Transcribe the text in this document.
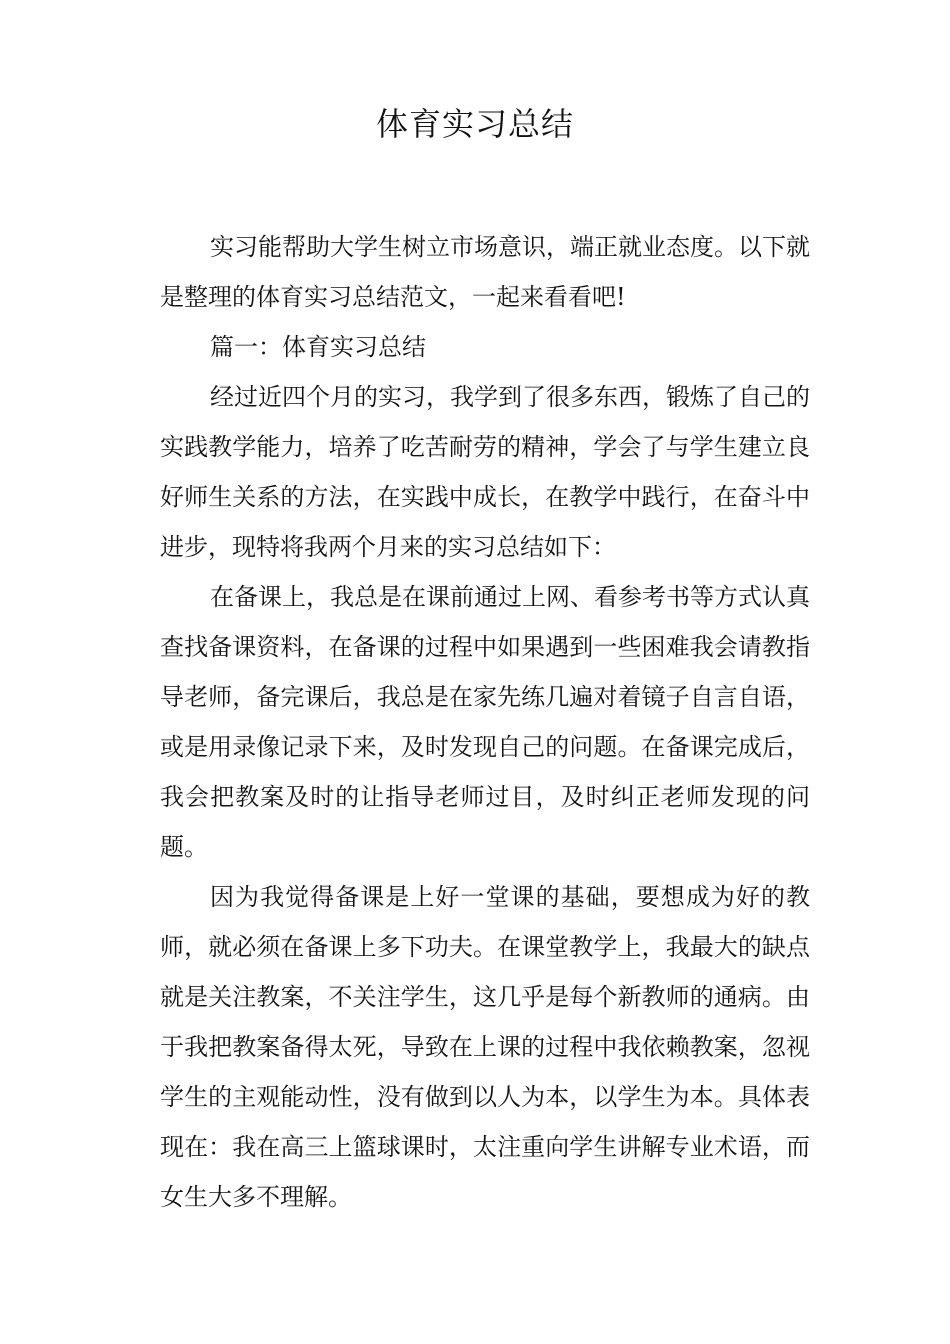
体育实习总结

实习能帮助大学生树立市场意识，端正就业态度。以下就是整理的体育实习总结范文，一起来看看吧!

篇一：体育实习总结

经过近四个月的实习，我学到了很多东西，锻炼了自己的实践教学能力，培养了吃苦耐劳的精神，学会了与学生建立良好师生关系的方法，在实践中成长，在教学中践行，在奋斗中进步，现特将我两个月来的实习总结如下：

在备课上，我总是在课前通过上网、看参考书等方式认真查找备课资料，在备课的过程中如果遇到一些困难我会请教指导老师，备完课后，我总是在家先练几遍对着镜子自言自语，或是用录像记录下来，及时发现自己的问题。在备课完成后，我会把教案及时的让指导老师过目，及时纠正老师发现的问题。

因为我觉得备课是上好一堂课的基础，要想成为好的教师，就必须在备课上多下功夫。在课堂教学上，我最大的缺点就是关注教案，不关注学生，这几乎是每个新教师的通病。由于我把教案备得太死，导致在上课的过程中我依赖教案，忽视学生的主观能动性，没有做到以人为本，以学生为本。具体表现在：我在高三上篮球课时，太注重向学生讲解专业术语，而女生大多不理解。
